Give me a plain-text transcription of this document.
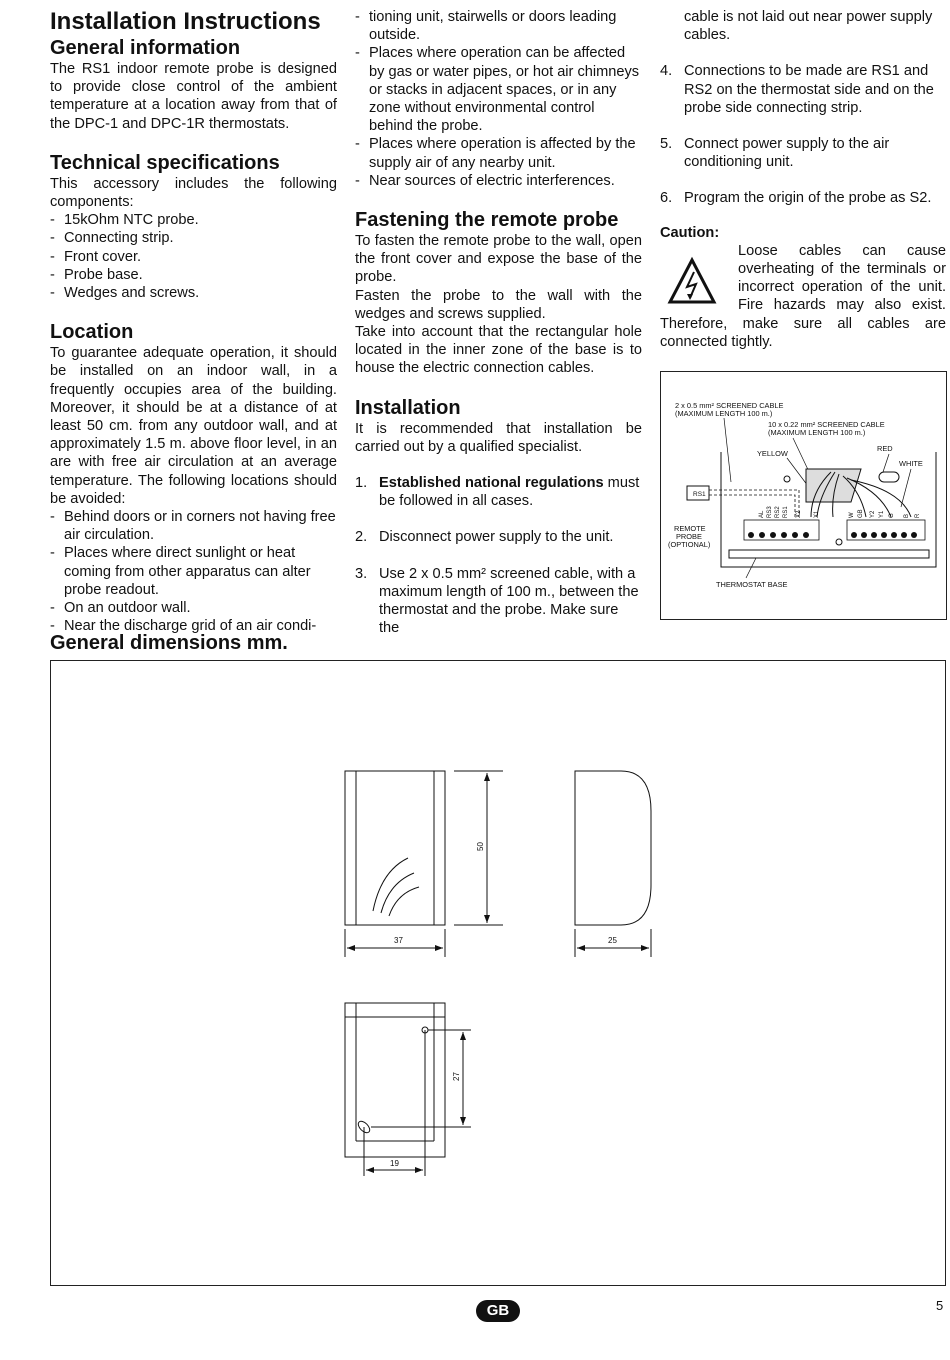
Installation Instructions
General information

The RS1 indoor remote probe is designed to provide close control of the ambient temperature at a location away from that of the DPC-1 and DPC-1R thermostats.

Technical specifications

This accessory includes the following components:

- 15kOhm NTC probe.
- Connecting strip.
- Front cover.
- Probe base.
- Wedges and screws.
Location

To guarantee adequate operation, it should be installed on an indoor wall, in a frequently occupies area of the building. Moreover, it should be at a distance of at least 50 cm. from any outdoor wall, and at approximately 1.5 m. above floor level, in an are with free air circulation at an average temperature. The following locations should be avoided:

- Behind doors or in corners not having free air circulation.
- Places where direct sunlight or heat coming from other apparatus can alter probe readout.
- On an outdoor wall.
- Near the discharge grid of an air condi-
- tioning unit, stairwells or doors leading outside.
- Places where operation can be affected by gas or water pipes, or hot air chimneys or stacks in adjacent spaces, or in any zone without environmental control behind the probe.
- Places where operation is affected by the supply air of any nearby unit.
- Near sources of electric interferences.
Fastening the remote probe

To fasten the remote probe to the wall, open the front cover and expose the base of the probe.

Fasten the probe to the wall with the wedges and screws supplied.

Take into account that the rectangular hole located in the inner zone of the base is to house the electric connection cables.

Installation

It is recommended that installation be carried out by a qualified specialist.

1. Established national regulations must be followed in all cases.
2. Disconnect power supply to the unit.
3. Use 2 x 0.5 mm² screened cable, with a maximum length of 100 m., between the thermostat and the probe. Make sure the
cable is not laid out near power supply cables.
4. Connections to be made are RS1 and RS2 on the thermostat side and on the probe side connecting strip.
5. Connect power supply to the air conditioning unit.
6. Program the origin of the probe as S2.
Caution:

Loose cables can cause overheating of the terminals or incorrect operation of the unit. Fire hazards may also exist. Therefore, make sure all cables are connected tightly.

2 x 0.5 mm² SCREENED CABLE
(MAXIMUM LENGTH 100 m.)
10 x 0.22 mm² SCREENED CABLE
(MAXIMUM LENGTH 100 m.)
YELLOW
RED
WHITE
RS1
REMOTE
PROBE
(OPTIONAL)
THERMOSTAT BASE
AL RS3 RS2 RS1 X2 X1	W GB Y2 Y1 G B R
General dimensions mm.
50
37	25
27
19
GB	5
